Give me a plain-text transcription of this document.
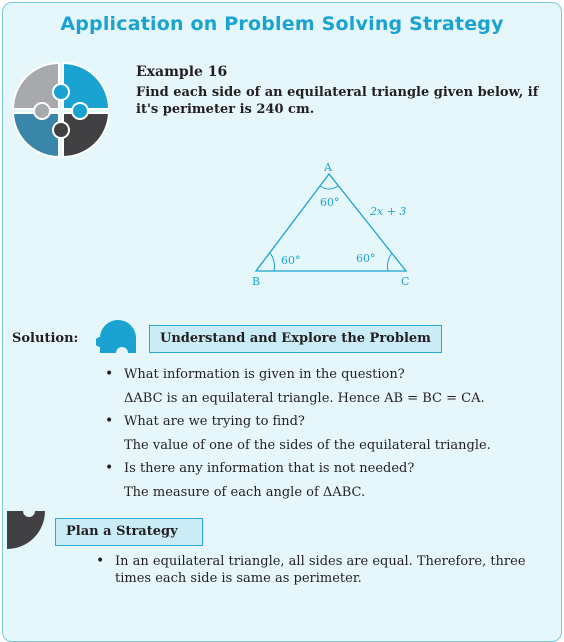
Application on Problem Solving Strategy
Example 16
Find each side of an equilateral triangle given below, if it's perimeter is 240 cm.
A
B	C
60°
60°	60°
2x + 3
Solution:	Understand and Explore the Problem
• What information is given in the question?
ΔABC is an equilateral triangle. Hence AB = BC = CA.
• What are we trying to find?
The value of one of the sides of the equilateral triangle.
• Is there any information that is not needed?
The measure of each angle of ΔABC.
Plan a Strategy
• In an equilateral triangle, all sides are equal. Therefore, three times each side is same as perimeter.
